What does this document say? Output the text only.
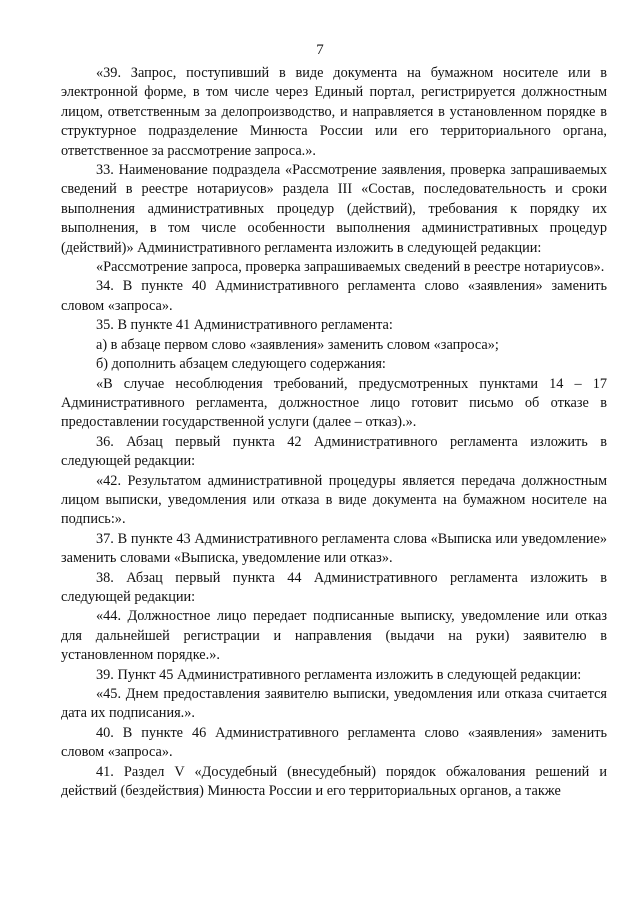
7

«39. Запрос, поступивший в виде документа на бумажном носителе или в электронной форме, в том числе через Единый портал, регистрируется должностным лицом, ответственным за делопроизводство, и направляется в установленном порядке в структурное подразделение Минюста России или его территориального органа, ответственное за рассмотрение запроса.».

33. Наименование подраздела «Рассмотрение заявления, проверка запрашиваемых сведений в реестре нотариусов» раздела III «Состав, последовательность и сроки выполнения административных процедур (действий), требования к порядку их выполнения, в том числе особенности выполнения административных процедур (действий)» Административного регламента изложить в следующей редакции:

«Рассмотрение запроса, проверка запрашиваемых сведений в реестре нотариусов».

34. В пункте 40 Административного регламента слово «заявления» заменить словом «запроса».

35. В пункте 41 Административного регламента:

а) в абзаце первом слово «заявления» заменить словом «запроса»;

б) дополнить абзацем следующего содержания:

«В случае несоблюдения требований, предусмотренных пунктами 14 – 17 Административного регламента, должностное лицо готовит письмо об отказе в предоставлении государственной услуги (далее – отказ).».

36. Абзац первый пункта 42 Административного регламента изложить в следующей редакции:

«42. Результатом административной процедуры является передача должностным лицом выписки, уведомления или отказа в виде документа на бумажном носителе на подпись:».

37. В пункте 43 Административного регламента слова «Выписка или уведомление» заменить словами «Выписка, уведомление или отказ».

38. Абзац первый пункта 44 Административного регламента изложить в следующей редакции:

«44. Должностное лицо передает подписанные выписку, уведомление или отказ для дальнейшей регистрации и направления (выдачи на руки) заявителю в установленном порядке.».

39. Пункт 45 Административного регламента изложить в следующей редакции:

«45. Днем предоставления заявителю выписки, уведомления или отказа считается дата их подписания.».

40. В пункте 46 Административного регламента слово «заявления» заменить словом «запроса».

41. Раздел V «Досудебный (внесудебный) порядок обжалования решений и действий (бездействия) Минюста России и его территориальных органов, а также
